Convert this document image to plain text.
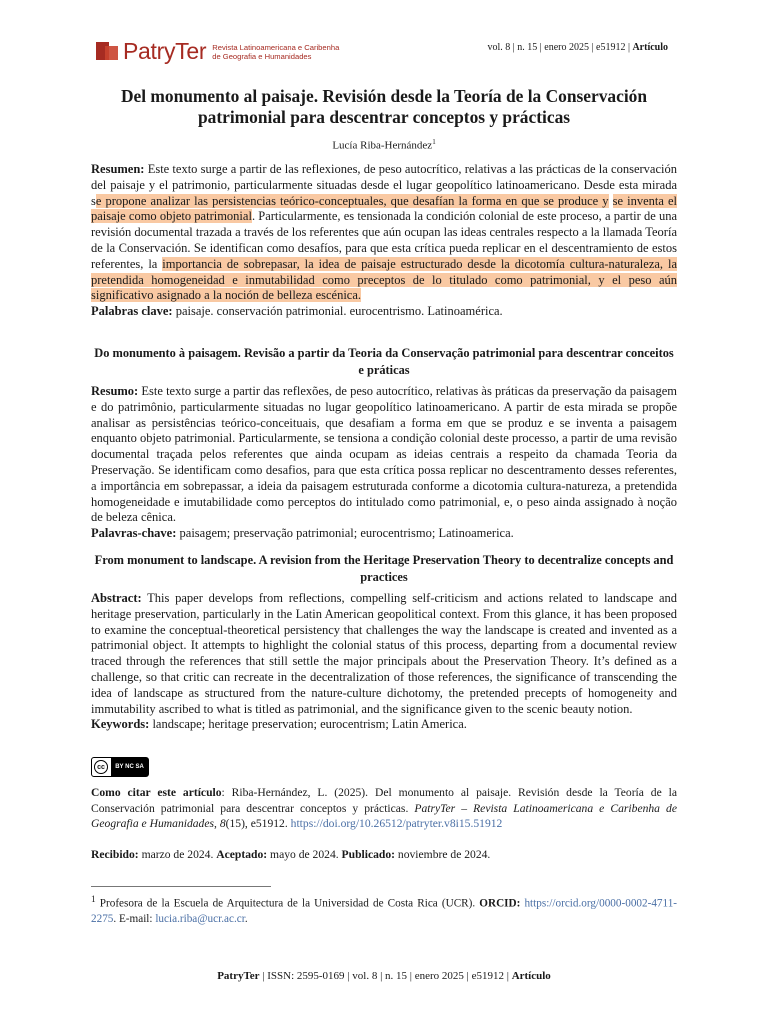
PatryTer Revista Latinoamericana e Caribenha
de Geografia e Humanidades
vol. 8 | n. 15 | enero 2025 | e51912 | Artículo
Del monumento al paisaje. Revisión desde la Teoría de la Conservación patrimonial para descentrar conceptos y prácticas
Lucía Riba-Hernández$^1$
Resumen: Este texto surge a partir de las reflexiones, de peso autocrítico, relativas a las prácticas de la conservación del paisaje y el patrimonio, particularmente situadas desde el lugar geopolítico latinoamericano. Desde esta mirada se propone analizar las persistencias teórico-conceptuales, que desafían la forma en que se produce y se inventa el paisaje como objeto patrimonial. Particularmente, es tensionada la condición colonial de este proceso, a partir de una revisión documental trazada a través de los referentes que aún ocupan las ideas centrales respecto a la llamada Teoría de la Conservación. Se identifican como desafíos, para que esta crítica pueda replicar en el descentramiento de estos referentes, la importancia de sobrepasar, la idea de paisaje estructurado desde la dicotomía cultura-naturaleza, la pretendida homogeneidad e inmutabilidad como preceptos de lo titulado como patrimonial, y el peso aún significativo asignado a la noción de belleza escénica.
Palabras clave: paisaje. conservación patrimonial. eurocentrismo. Latinoamérica.
Do monumento à paisagem. Revisão a partir da Teoria da Conservação patrimonial para descentrar conceitos e práticas
Resumo: Este texto surge a partir das reflexões, de peso autocrítico, relativas às práticas da preservação da paisagem e do patrimônio, particularmente situadas no lugar geopolítico latinoamericano. A partir de esta mirada se propõe analisar as persistências teórico-conceituais, que desafiam a forma em que se produz e se inventa a paisagem enquanto objeto patrimonial. Particularmente, se tensiona a condição colonial deste processo, a partir de uma revisão documental traçada pelos referentes que ainda ocupam as ideias centrais a respeito da chamada Teoria da Preservação. Se identificam como desafios, para que esta crítica possa replicar no descentramento desses referentes, a importância em sobrepassar, a ideia da paisagem estruturada conforme a dicotomia cultura-natureza, a pretendida homogeneidade e imutabilidade como perceptos do intitulado como patrimonial, e, o peso ainda assignado à noção de beleza cênica.
Palavras-chave: paisagem; preservação patrimonial; eurocentrismo; Latinoamerica.
From monument to landscape. A revision from the Heritage Preservation Theory to decentralize concepts and practices
Abstract: This paper develops from reflections, compelling self-criticism and actions related to landscape and heritage preservation, particularly in the Latin American geopolitical context. From this glance, it has been proposed to examine the conceptual-theoretical persistency that challenges the way the landscape is created and invented as a patrimonial object. It attempts to highlight the colonial status of this process, departing from a documental review traced through the references that still settle the major principals about the Preservation Theory. It’s defined as a challenge, so that critic can recreate in the decentralization of those references, the significance of transcending the idea of landscape as structured from the nature-culture dichotomy, the pretended precepts of homogeneity and immutability ascribed to what is titled as patrimonial, and the significance given to the scenic beauty notion.
Keywords: landscape; heritage preservation; eurocentrism; Latin America.
cc	BY NC SA
Como citar este artículo: Riba-Hernández, L. (2025). Del monumento al paisaje. Revisión desde la Teoría de la Conservación patrimonial para descentrar conceptos y prácticas. PatryTer – Revista Latinoamericana e Caribenha de Geografia e Humanidades, 8(15), e51912. https://doi.org/10.26512/patryter.v8i15.51912
Recibido: marzo de 2024. Aceptado: mayo de 2024. Publicado: noviembre de 2024.
$^1$ Profesora de la Escuela de Arquitectura de la Universidad de Costa Rica (UCR). ORCID: https://orcid.org/0000-0002-4711-2275. E-mail: lucia.riba@ucr.ac.cr.
PatryTer | ISSN: 2595-0169 | vol. 8 | n. 15 | enero 2025 | e51912 | Artículo
